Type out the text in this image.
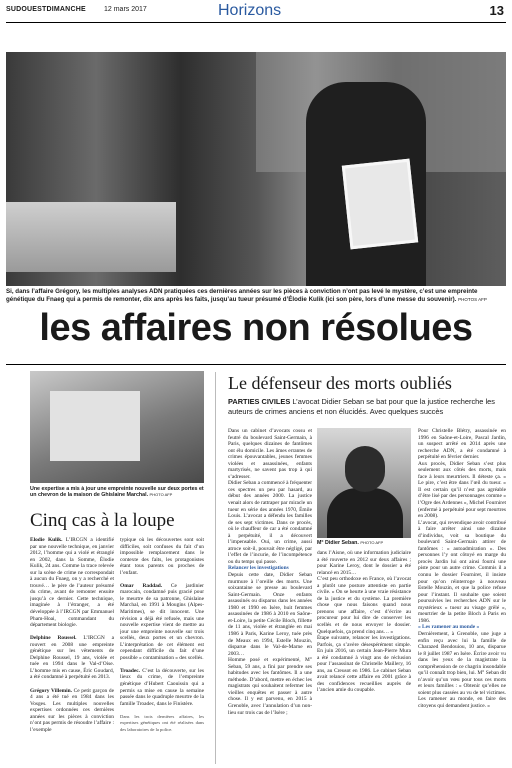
SUDOUESTDIMANCHE	12 mars 2017	Horizons	13
Si, dans l’affaire Grégory, les multiples analyses ADN pratiquées ces dernières années sur les pièces à conviction n’ont pas levé le mystère, c’est une empreinte génétique du Fnaeg qui a permis de remonter, dix ans après les faits, jusqu’au tueur présumé d’Élodie Kulik (ici son père, lors d’une messe du souvenir). PHOTOS AFP
les affaires non résolues
Une expertise a mis à jour une empreinte nouvelle sur deux portes et un chevron de la maison de Ghislaine Marchal. PHOTO AFP
Cinq cas à la loupe
Élodie Kulik. L’IRCGN a identifié par une nouvelle technique, en janvier 2012, l’homme qui a violé et étranglé en 2002, dans la Somme, Élodie Kulik, 24 ans. Comme la trace relevée sur la scène de crime ne correspondait à aucun du Fnaeg, on y a recherché et trouvé… le père de l’auteur présumé du crime, avant de remonter ensuite jusqu’à ce dernier. Cette technique, imaginée à l’étranger, a été développée à l’IRCGN par Emmanuel Pham-Hoai, commandant du département biologie.

Delphine Roussel. L’IRCGN a rouvert en 2008 une empreinte génétique sur les vêtements de Delphine Roussel, 19 ans, violée et tuée en 1994 dans le Val-d’Oise. L’homme mis en cause, Éric Goudard, a été condamné à perpétuité en 2013.

Grégory Villemin. Ce petit garçon de 4 ans a été tué en 1984 dans les Vosges. Les multiples nouvelles expertises ordonnées ces dernières années sur les pièces à conviction n’ont pas permis de résoudre l’affaire : l’exemple
typique où les découvertes sont soit difficiles, soit confuses du fait d’un impossible remplacement dans le contexte des faits, les protagonistes étant tous parents ou proches de l’enfant.

Omar Raddad. Ce jardinier marocain, condamné puis gracié pour le meurtre de sa patronne, Ghislaine Marchal, en 1991 à Mougins (Alpes-Maritimes), se dit innocent. Une révision a déjà été refusée, mais une nouvelle expertise vient de mettre au jour une empreinte nouvelle sur trois scellés, deux portes et un chevron. L’interprétation de cet élément est cependant difficile du fait d’une possible « contamination » des scellés.

Troadec. C’est la découverte, sur les lieux du crime, de l’empreinte génétique d’Hubert Caouissin qui a permis sa mise en cause la semaine passée dans le quadruple meurtre de la famille Troadec, dans le Finistère.

Dans les trois dernières affaires, les expertises génétiques ont été réalisées dans des laboratoires de la police.
Le défenseur des morts oubliés
PARTIES CIVILES L’avocat Didier Seban se bat pour que la justice recherche les auteurs de crimes anciens et non élucidés. Avec quelques succès
Dans un cabinet d’avocats cossu et feutré du boulevard Saint-Germain, à Paris, quelques dizaines de fantômes ont élu domicile. Les âmes errantes de crimes épouvantables, jeunes femmes violées et assassinées, enfants martyrisés, ne savent pas trop à qui s’adresser.
Didier Seban a commencé à fréquenter ces spectres un peu par hasard, au début des années 2000. La justice venait alors de rattraper par miracle un tueur en série des années 1970, Émile Louis. L’avocat a défendu les familles de ses sept victimes. Dans ce procès, où le chauffeur de car a été condamné à perpétuité, il a découvert l’impensable. Oui, un crime, aussi atroce soit-il, pouvait être négligé, par l’effet de l’incurie, de l’incompétence ou du temps qui passe.
Relancer les investigations
Depuis cette date, Didier Seban murmure à l’oreille des morts. Une soixantaine se presse au boulevard Saint-Germain. Onze enfants assassinés ou disparus dans les années 1980 et 1990 en Isère, huit femmes assassinées de 1986 à 2010 en Saône-et-Loire, la petite Cécile Bloch, fillette de 11 ans, violée et étranglée en mai 1986 à Paris, Karine Leroy, tuée près de Meaux en 1994, Estelle Mouzin, disparue dans le Val-de-Marne en 2003…
Homme posé et expérimenté, M° Seban, 59 ans, a fini par prendre ses habitudes avec les fantômes. Il a une méthode. D’abord, mettre en échec les magistrats qui souhaitent refermer les vieilles enquêtes et passer à autre chose. Il y est parvenu, en 2015 à Grenoble, avec l’annulation d’un non-lieu sur trois cas de l’Isère ;
M° Didier Seban. PHOTO AFP
dans l’Aisne, où une information judiciaire a été rouverte en 2012 sur deux affaires ; pour Karine Leroy, dont le dossier a été relancé en 2015…
C’est peu orthodoxe en France, où l’avocat a plutôt une posture attentiste en partie civile. « On se heurte à une vraie résistance de la justice et du système. La première chose que nous faisons quand nous prenons une affaire, c’est d’écrire au procureur pour lui dire de conserver les scellés et de nous envoyer le dossier. Quelquefois, ça prend cinq ans… »
Étape suivante, relancer les investigations. Parfois, ça s’avère désespérément simple. En juin 2016, un certain Jean-Pierre Mura a été condamné à vingt ans de réclusion pour l’assassinat de Christelle Maillery, 16 ans, au Creusot en 1986. Le cabinet Seban avait relancé cette affaire en 2001 grâce à des confidences recueillies auprès de l’ancien amie du coupable.
Pour Christelle Blétry, assassinée en 1996 en Saône-et-Loire, Pascal Jardin, un suspect arrêté en 2014 après une recherche ADN, a été condamné à perpétuité en février dernier.
Aux procès, Didier Seban s’est plus seulement aux côtés des morts, mais face à leurs meurtriers. Il déteste ça. « Le pire, c’est être dans l’œil du tueur. » Il est certain qu’il n’est pas agréable d’être lisé par des personnages comme « l’Ogre des Ardennes », Michel Fourniret (enfermé à perpétuité pour sept meurtres en 2008).
L’avocat, qui revendique avoir contribué à faire arrêter ainsi une dizaine d’individus, voit sa boutique du boulevard Saint-Germain attirer de fantômes : « autoadmiration ». Des personnes l’y ont côtoyé en marge du procès Jardin lui ont ainsi fourni une piste pour un autre crime. Commis il a connu le dossier Fourniret, il insiste pour qu’on réinterroge à nouveau Estelle Mouzin, et que la police refuse pour l’instant. Il souhaite que soient poursuivies les recherches ADN sur le mystérieux « tueur au visage grêlé », meurtrier de la petite Bloch à Paris en 1986.
« Les ramener au monde »
Dernièrement, à Grenoble, une juge a enfin reçu avec lui la famille de Charazed Bendouiou, 10 ans, disparue le 8 juillet 1987 en Isère. Écrire avoir vu dans les yeux de la magistrate la compréhension de ce chagrin insondable qu’il connaît trop bien, lui. M° Seban dit n’avoir qu’un vœu pour tous ces morts et leurs familles : « Obtenir qu’elles ne soient plus cassées au vu de tel victimes. Les ramener au monde, en faire des citoyens qui demandent justice. »
